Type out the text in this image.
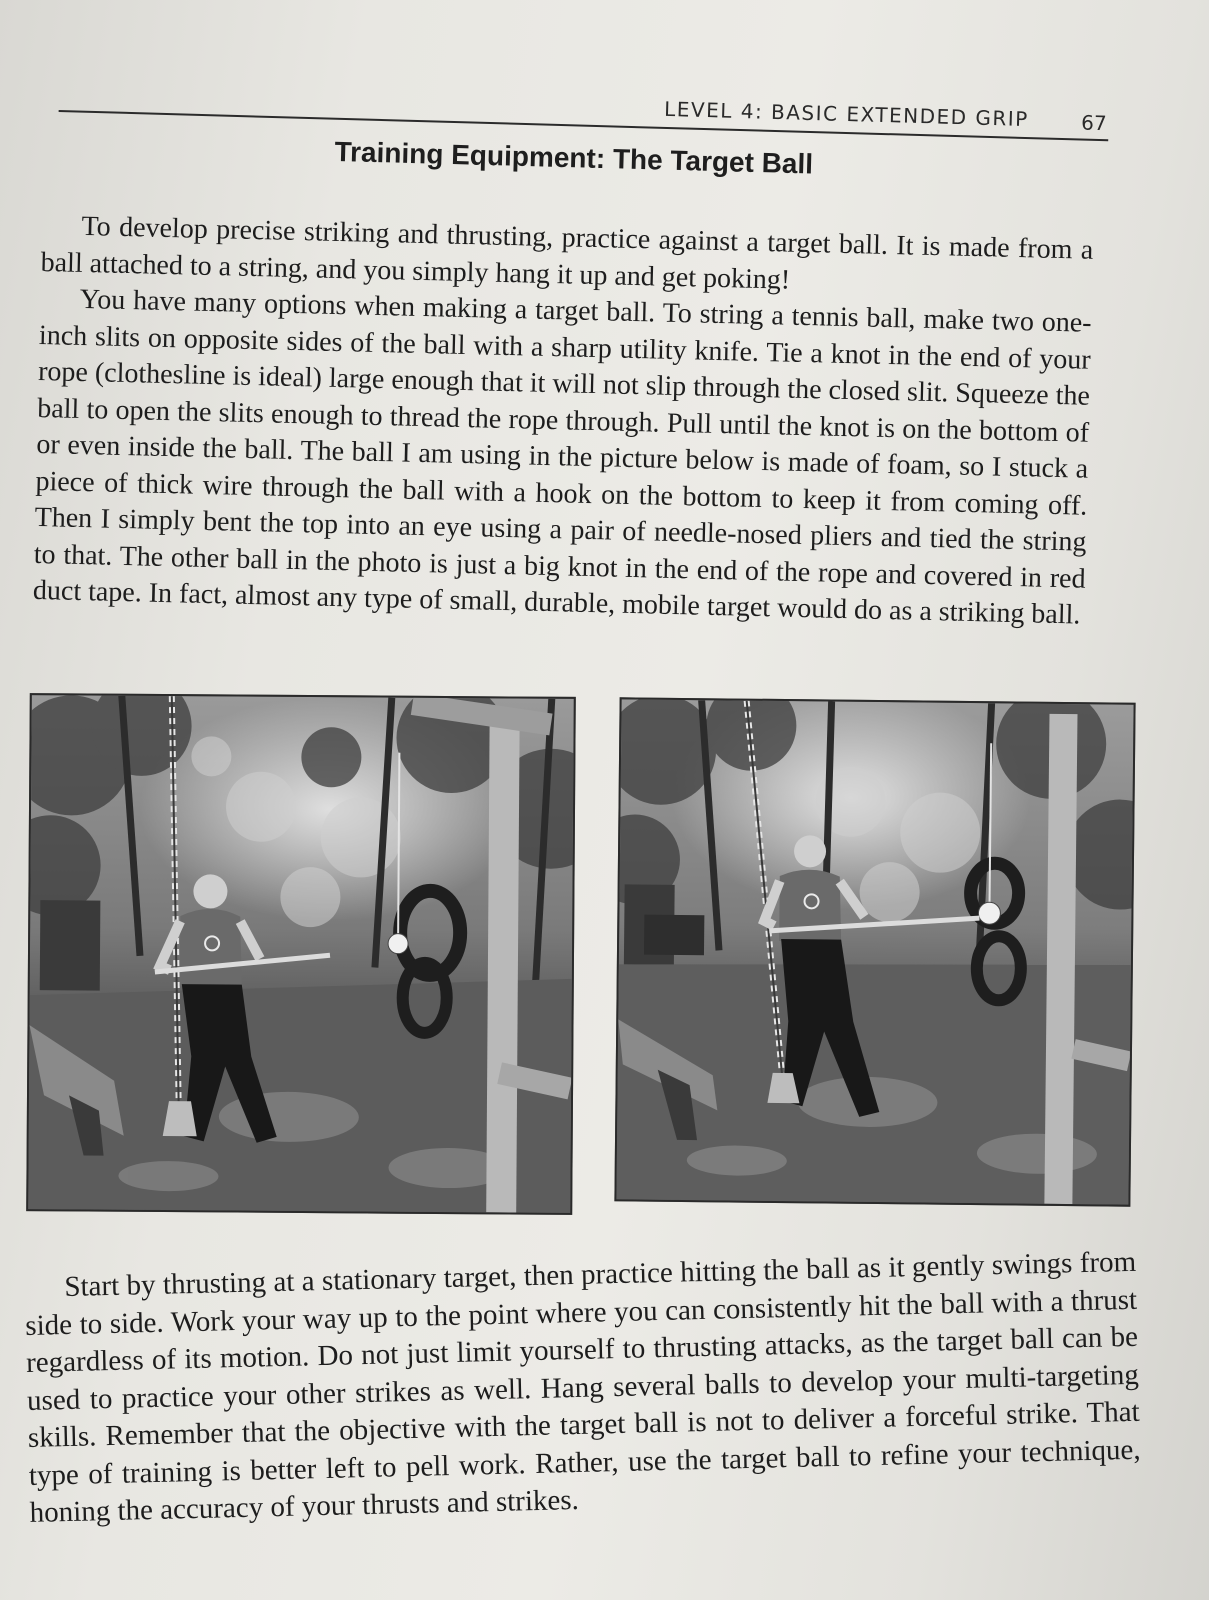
LEVEL 4: BASIC EXTENDED GRIP	67
Training Equipment: The Target Ball

To develop precise striking and thrusting, practice against a target ball. It is made from a ball attached to a string, and you simply hang it up and get poking!

You have many options when making a target ball. To string a tennis ball, make two one-inch slits on opposite sides of the ball with a sharp utility knife. Tie a knot in the end of your rope (clothesline is ideal) large enough that it will not slip through the closed slit. Squeeze the ball to open the slits enough to thread the rope through. Pull until the knot is on the bottom of or even inside the ball. The ball I am using in the picture below is made of foam, so I stuck a piece of thick wire through the ball with a hook on the bottom to keep it from coming off. Then I simply bent the top into an eye using a pair of needle-nosed pliers and tied the string to that. The other ball in the photo is just a big knot in the end of the rope and covered in red duct tape. In fact, almost any type of small, durable, mobile target would do as a striking ball.

Start by thrusting at a stationary target, then practice hitting the ball as it gently swings from side to side. Work your way up to the point where you can consistently hit the ball with a thrust regardless of its motion. Do not just limit yourself to thrusting attacks, as the target ball can be used to practice your other strikes as well. Hang several balls to develop your multi-targeting skills. Remember that the objective with the target ball is not to deliver a forceful strike. That type of training is better left to pell work. Rather, use the target ball to refine your technique, honing the accuracy of your thrusts and strikes.
